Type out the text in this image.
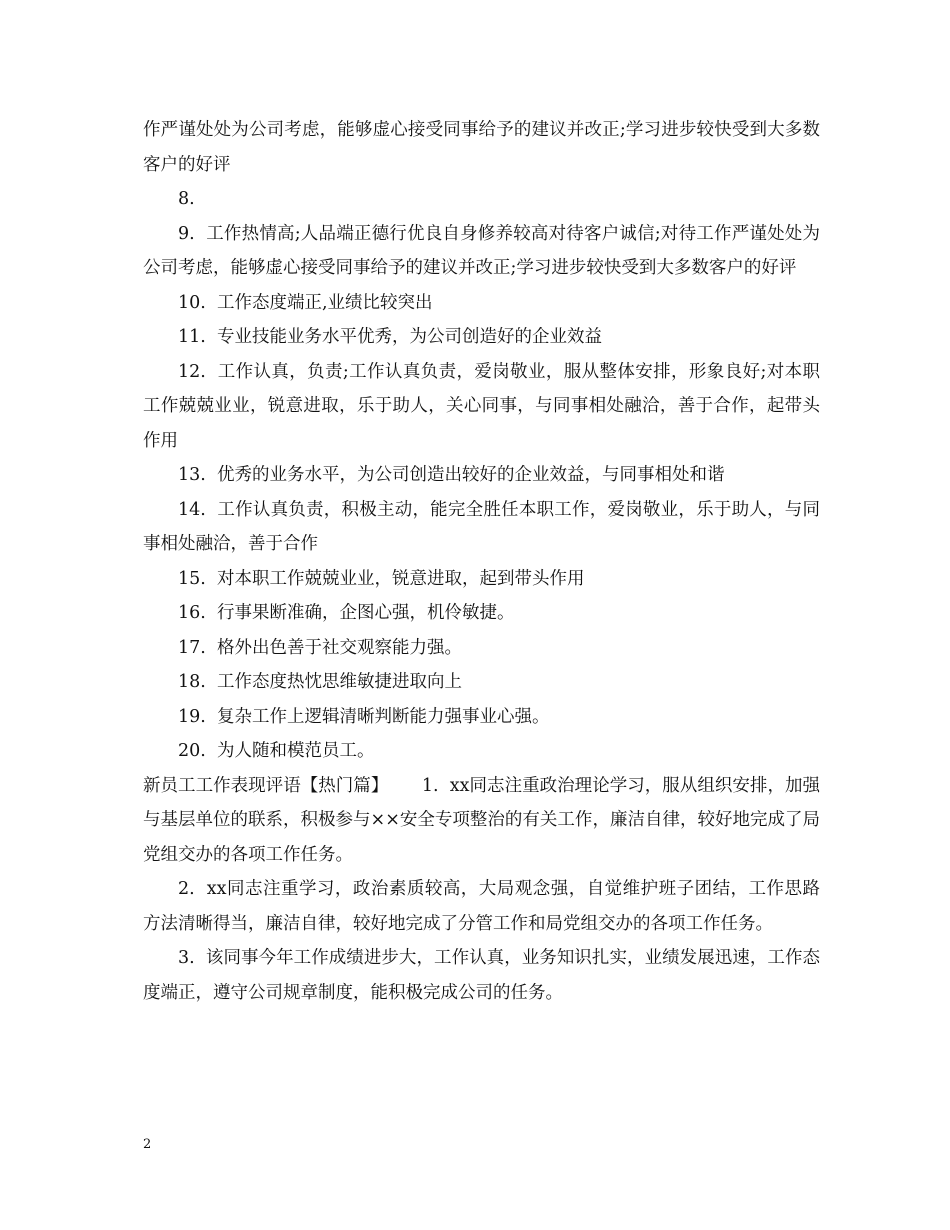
作严谨处处为公司考虑，能够虚心接受同事给予的建议并改正;学习进步较快受到大多数客户的好评

8.

9.  工作热情高;人品端正德行优良自身修养较高对待客户诚信;对待工作严谨处处为公司考虑，能够虚心接受同事给予的建议并改正;学习进步较快受到大多数客户的好评

10.  工作态度端正,业绩比较突出

11.  专业技能业务水平优秀，为公司创造好的企业效益

12.  工作认真，负责;工作认真负责，爱岗敬业，服从整体安排，形象良好;对本职工作兢兢业业，锐意进取，乐于助人，关心同事，与同事相处融洽，善于合作，起带头作用

13.  优秀的业务水平，为公司创造出较好的企业效益，与同事相处和谐

14.  工作认真负责，积极主动，能完全胜任本职工作，爱岗敬业，乐于助人，与同事相处融洽，善于合作

15.  对本职工作兢兢业业，锐意进取，起到带头作用

16.  行事果断准确，企图心强，机伶敏捷。

17.  格外出色善于社交观察能力强。

18.  工作态度热忱思维敏捷进取向上

19.  复杂工作上逻辑清晰判断能力强事业心强。

20.  为人随和模范员工。

新员工工作表现评语【热门篇】      1.  xx同志注重政治理论学习，服从组织安排，加强与基层单位的联系，积极参与××安全专项整治的有关工作，廉洁自律，较好地完成了局党组交办的各项工作任务。

2.  xx同志注重学习，政治素质较高，大局观念强，自觉维护班子团结，工作思路方法清晰得当，廉洁自律，较好地完成了分管工作和局党组交办的各项工作任务。

3.  该同事今年工作成绩进步大，工作认真，业务知识扎实，业绩发展迅速，工作态度端正，遵守公司规章制度，能积极完成公司的任务。

2
